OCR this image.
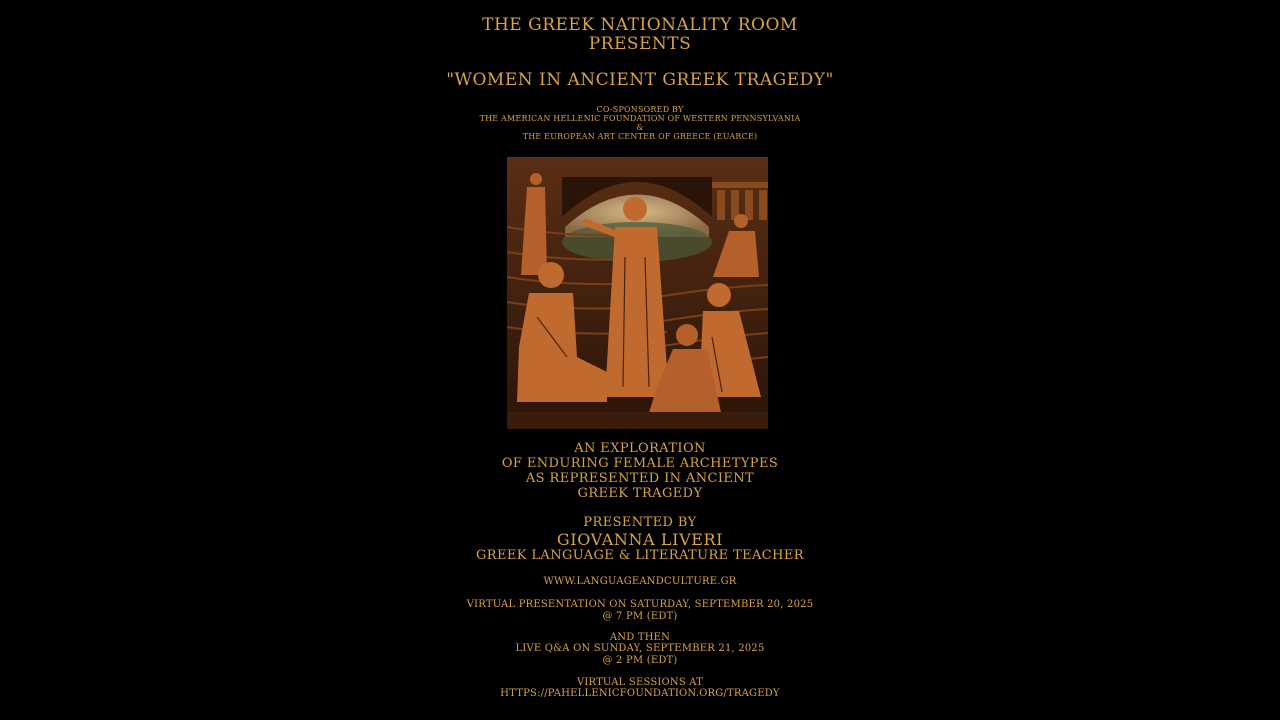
THE GREEK NATIONALITY ROOM
PRESENTS
"WOMEN IN ANCIENT GREEK TRAGEDY"
CO-SPONSORED BY
THE AMERICAN HELLENIC FOUNDATION OF WESTERN PENNSYLVANIA
&
THE EUROPEAN ART CENTER OF GREECE (EUARCE)
AN EXPLORATION
OF ENDURING FEMALE ARCHETYPES
AS REPRESENTED IN ANCIENT
GREEK TRAGEDY
PRESENTED BY
GIOVANNA LIVERI
GREEK LANGUAGE & LITERATURE TEACHER
WWW.LANGUAGEANDCULTURE.GR
VIRTUAL PRESENTATION ON SATURDAY, SEPTEMBER 20, 2025
@ 7 PM (EDT)
AND THEN
LIVE Q&A ON SUNDAY, SEPTEMBER 21, 2025
@ 2 PM (EDT)
VIRTUAL SESSIONS AT
HTTPS://PAHELLENICFOUNDATION.ORG/TRAGEDY
